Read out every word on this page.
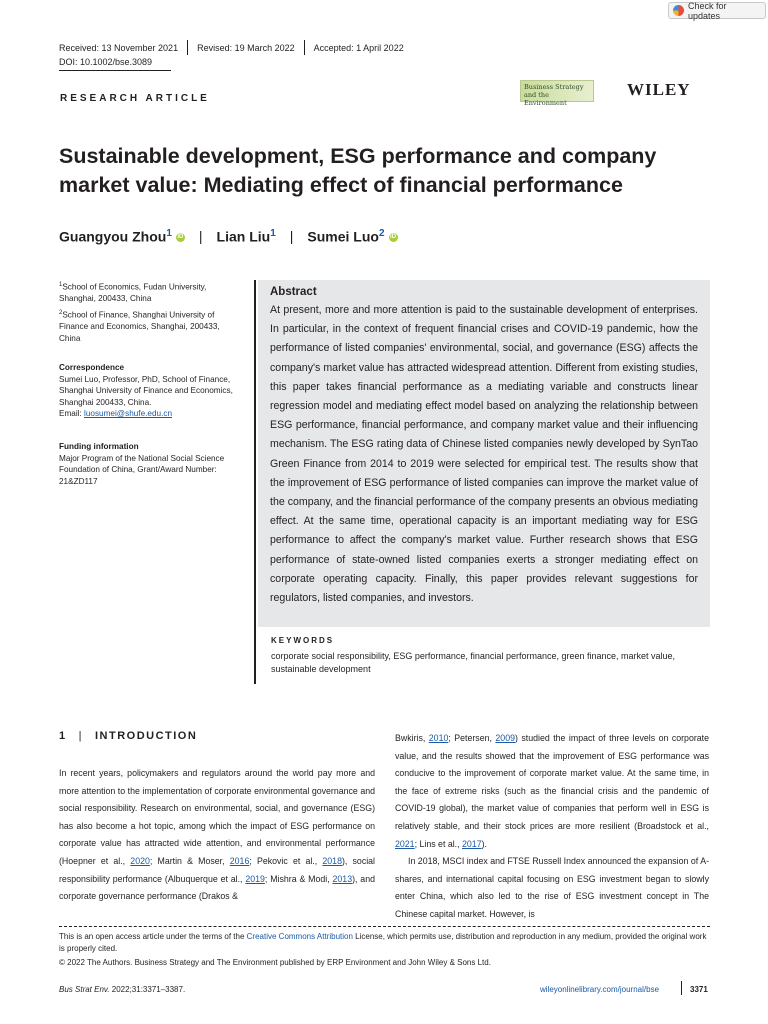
Check for updates
Received: 13 November 2021 Revised: 19 March 2022 Accepted: 1 April 2022
DOI: 10.1002/bse.3089
RESEARCH ARTICLE
Business Strategy
and the Environment
WILEY
Sustainable development, ESG performance and company market value: Mediating effect of financial performance
Guangyou Zhou$^1$ iD | Lian Liu$^1$ | Sumei Luo$^2$ iD
$^1$School of Economics, Fudan University, Shanghai, 200433, China
$^2$School of Finance, Shanghai University of Finance and Economics, Shanghai, 200433, China
Correspondence
Sumei Luo, Professor, PhD, School of Finance, Shanghai University of Finance and Economics, Shanghai 200433, China.
Email: luosumei@shufe.edu.cn
Funding information
Major Program of the National Social Science Foundation of China, Grant/Award Number: 21&ZD117
Abstract

At present, more and more attention is paid to the sustainable development of enterprises. In particular, in the context of frequent financial crises and COVID-19 pandemic, how the performance of listed companies' environmental, social, and governance (ESG) affects the company's market value has attracted widespread attention. Different from existing studies, this paper takes financial performance as a mediating variable and constructs linear regression model and mediating effect model based on analyzing the relationship between ESG performance, financial performance, and company market value and their influencing mechanism. The ESG rating data of Chinese listed companies newly developed by SynTao Green Finance from 2014 to 2019 were selected for empirical test. The results show that the improvement of ESG performance of listed companies can improve the market value of the company, and the financial performance of the company presents an obvious mediating effect. At the same time, operational capacity is an important mediating way for ESG performance to affect the company's market value. Further research shows that ESG performance of state-owned listed companies exerts a stronger mediating effect on corporate operating capacity. Finally, this paper provides relevant suggestions for regulators, listed companies, and investors.

KEYWORDS
corporate social responsibility, ESG performance, financial performance, green finance, market value, sustainable development
1 | INTRODUCTION

In recent years, policymakers and regulators around the world pay more and more attention to the implementation of corporate environmental governance and social responsibility. Research on environmental, social, and governance (ESG) has also become a hot topic, among which the impact of ESG performance on corporate value has attracted wide attention, and environmental performance (Hoepner et al., 2020; Martin & Moser, 2016; Pekovic et al., 2018), social responsibility performance (Albuquerque et al., 2019; Mishra & Modi, 2013), and corporate governance performance (Drakos &

Bwkiris, 2010; Petersen, 2009) studied the impact of three levels on corporate value, and the results showed that the improvement of ESG performance was conducive to the improvement of corporate market value. At the same time, in the face of extreme risks (such as the financial crisis and the pandemic of COVID-19 global), the market value of companies that perform well in ESG is relatively stable, and their stock prices are more resilient (Broadstock et al., 2021; Lins et al., 2017).

In 2018, MSCI index and FTSE Russell Index announced the expansion of A-shares, and international capital focusing on ESG investment began to slowly enter China, which also led to the rise of ESG investment concept in The Chinese capital market. However, is

This is an open access article under the terms of the Creative Commons Attribution License, which permits use, distribution and reproduction in any medium, provided the original work is properly cited.
© 2022 The Authors. Business Strategy and The Environment published by ERP Environment and John Wiley & Sons Ltd.
Bus Strat Env. 2022;31:3371–3387.	wileyonlinelibrary.com/journal/bse	3371
